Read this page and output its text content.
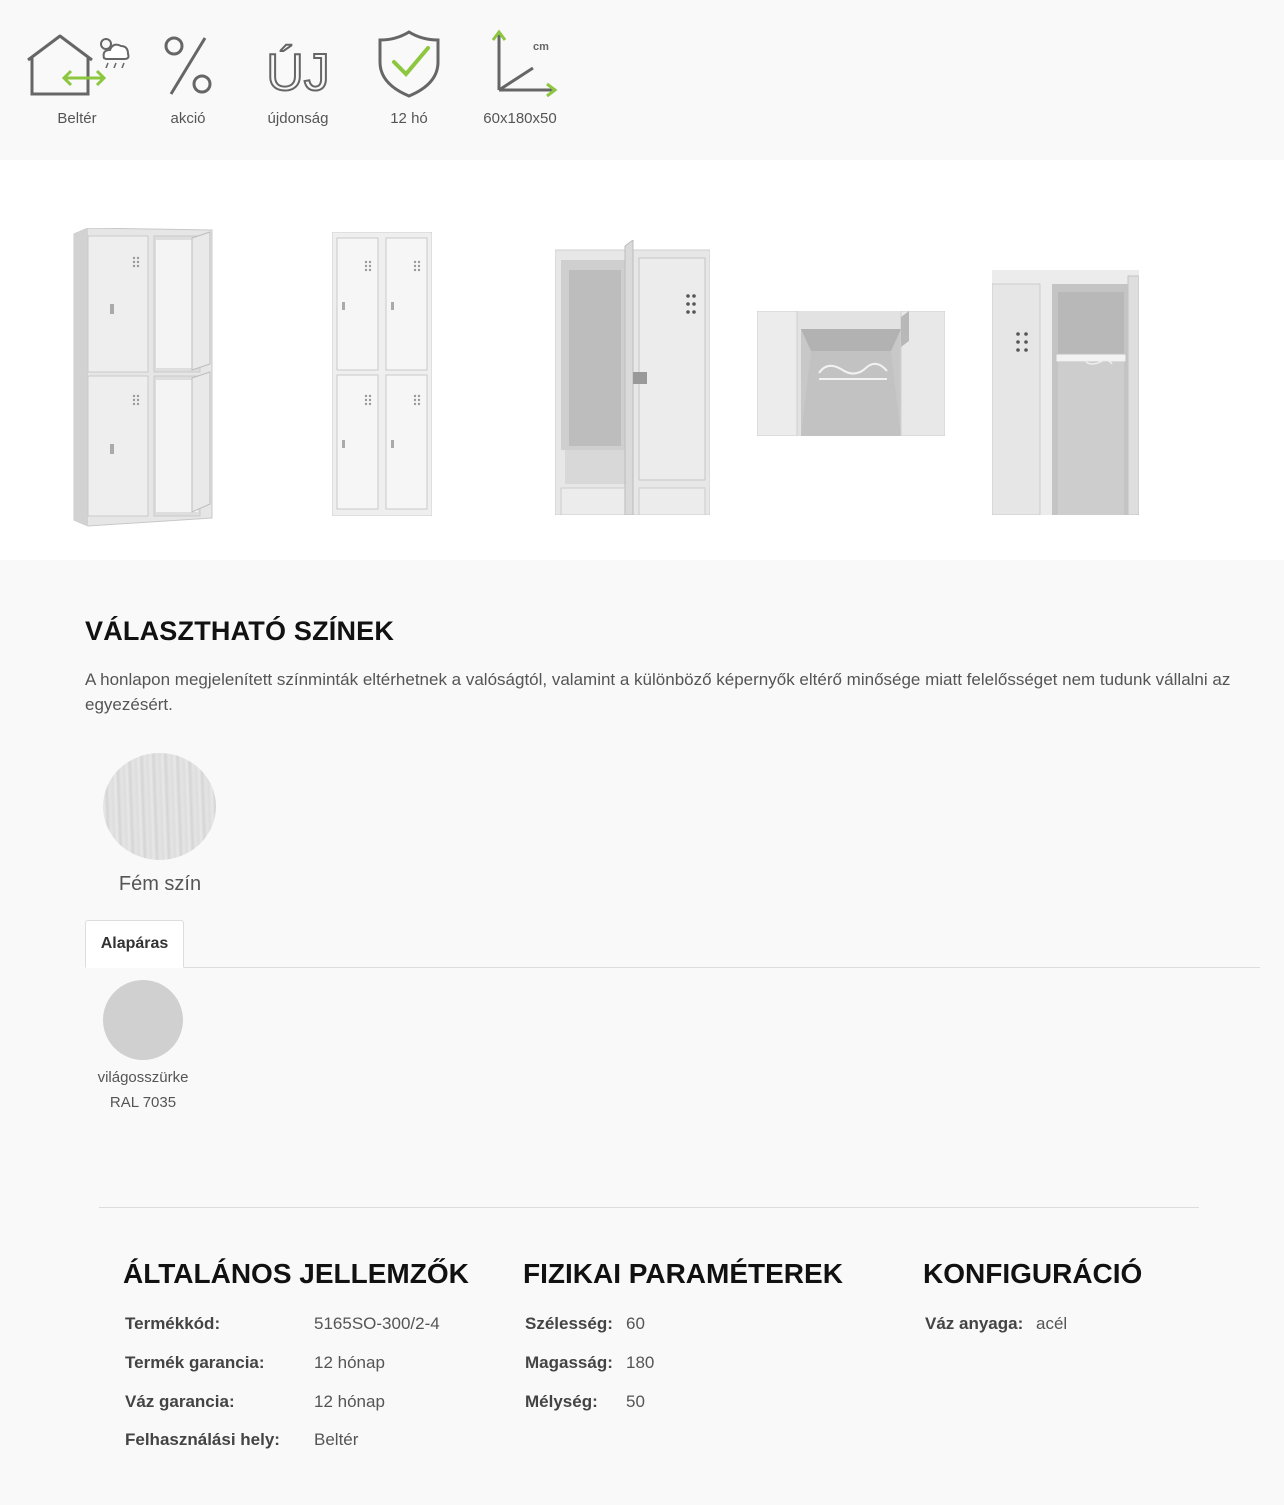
Beltér	akció
ÚJ
újdonság	12 hó
cm
60x180x50
VÁLASZTHATÓ SZÍNEK
A honlapon megjelenített színminták eltérhetnek a valóságtól, valamint a különböző képernyők eltérő minősége miatt felelősséget nem tudunk vállalni az egyezésért.
Fém szín
Alapáras
világosszürke
RAL 7035
ÁLTALÁNOS JELLEMZŐK
Termékkód:	5165SO-300/2-4
Termék garancia:	12 hónap
Váz garancia:	12 hónap
Felhasználási hely: Beltér
FIZIKAI PARAMÉTEREK
Szélesség: 60
Magasság: 180
Mélység: 50
KONFIGURÁCIÓ
Váz anyaga: acél
